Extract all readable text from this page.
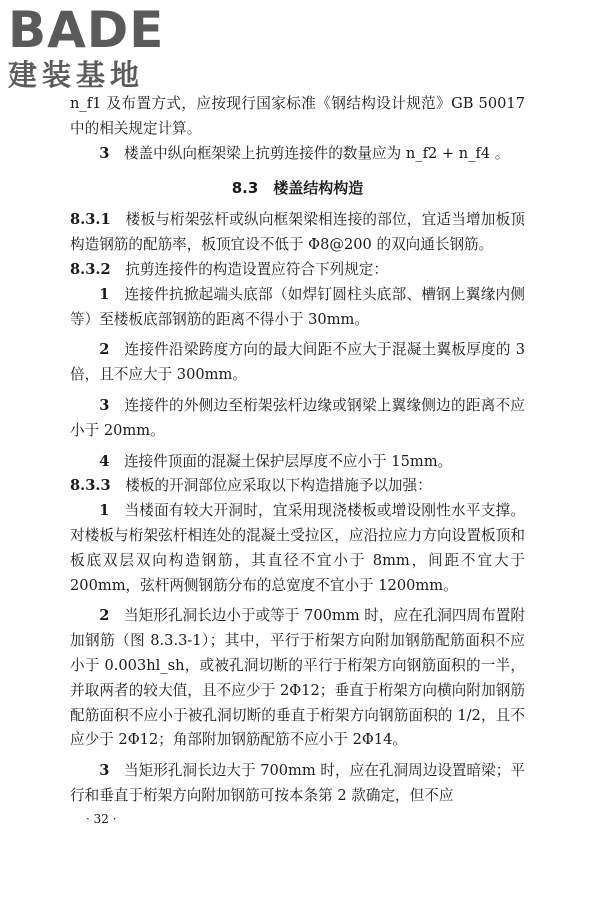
BADE
建装基地

n_f1 及布置方式，应按现行国家标准《钢结构设计规范》GB 50017 中的相关规定计算。

3　 楼盖中纵向框架梁上抗剪连接件的数量应为 n_f2 + n_f4 。

8.3　楼盖结构构造

8.3.1　 楼板与桁架弦杆或纵向框架梁相连接的部位，宜适当增加板顶构造钢筋的配筋率，板顶宜设不低于 Φ8@200 的双向通长钢筋。

8.3.2　 抗剪连接件的构造设置应符合下列规定：

1　 连接件抗掀起端头底部（如焊钉圆柱头底部、槽钢上翼缘内侧等）至楼板底部钢筋的距离不得小于 30mm。

2　 连接件沿梁跨度方向的最大间距不应大于混凝土翼板厚度的 3 倍，且不应大于 300mm。

3　 连接件的外侧边至桁架弦杆边缘或钢梁上翼缘侧边的距离不应小于 20mm。

4　 连接件顶面的混凝土保护层厚度不应小于 15mm。

8.3.3　 楼板的开洞部位应采取以下构造措施予以加强：

1　 当楼面有较大开洞时，宜采用现浇楼板或增设刚性水平支撑。对楼板与桁架弦杆相连处的混凝土受拉区，应沿拉应力方向设置板顶和板底双层双向构造钢筋，其直径不宜小于 8mm，间距不宜大于 200mm，弦杆两侧钢筋分布的总宽度不宜小于 1200mm。

2　 当矩形孔洞长边小于或等于 700mm 时，应在孔洞四周布置附加钢筋（图 8.3.3-1）；其中，平行于桁架方向附加钢筋配筋面积不应小于 0.003hl_sh，或被孔洞切断的平行于桁架方向钢筋面积的一半，并取两者的较大值，且不应少于 2Φ12；垂直于桁架方向横向附加钢筋配筋面积不应小于被孔洞切断的垂直于桁架方向钢筋面积的 1/2，且不应少于 2Φ12；角部附加钢筋配筋不应小于 2Φ14。

3　 当矩形孔洞长边大于 700mm 时，应在孔洞周边设置暗梁；平行和垂直于桁架方向附加钢筋可按本条第 2 款确定，但不应

· 32 ·
